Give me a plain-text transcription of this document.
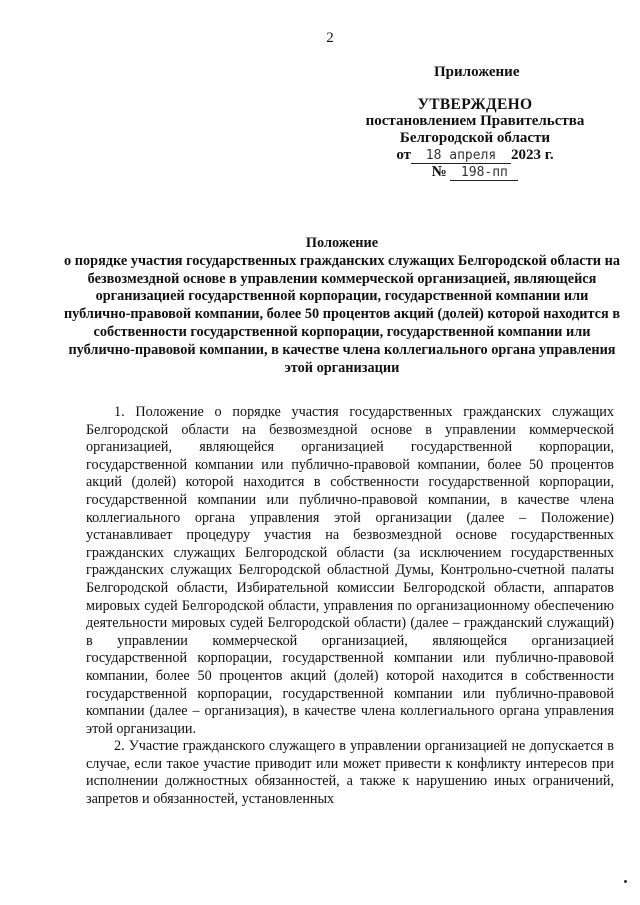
2
Приложение
УТВЕРЖДЕНО
постановлением Правительства
Белгородской области
от 18 апреля 2023 г.
№ 198-пп
Положение
о порядке участия государственных гражданских служащих Белгородской области на безвозмездной основе в управлении коммерческой организацией, являющейся организацией государственной корпорации, государственной компании или публично-правовой компании, более 50 процентов акций (долей) которой находится в собственности государственной корпорации, государственной компании или публично-правовой компании, в качестве члена коллегиального органа управления этой организации

1. Положение о порядке участия государственных гражданских служащих Белгородской области на безвозмездной основе в управлении коммерческой организацией, являющейся организацией государственной корпорации, государственной компании или публично-правовой компании, более 50 процентов акций (долей) которой находится в собственности государственной корпорации, государственной компании или публично-правовой компании, в качестве члена коллегиального органа управления этой организации (далее – Положение) устанавливает процедуру участия на безвозмездной основе государственных гражданских служащих Белгородской области (за исключением государственных гражданских служащих Белгородской областной Думы, Контрольно-счетной палаты Белгородской области, Избирательной комиссии Белгородской области, аппаратов мировых судей Белгородской области, управления по организационному обеспечению деятельности мировых судей Белгородской области) (далее – гражданский служащий) в управлении коммерческой организацией, являющейся организацией государственной корпорации, государственной компании или публично-правовой компании, более 50 процентов акций (долей) которой находится в собственности государственной корпорации, государственной компании или публично-правовой компании (далее – организация), в качестве члена коллегиального органа управления этой организации.

2. Участие гражданского служащего в управлении организацией не допускается в случае, если такое участие приводит или может привести к конфликту интересов при исполнении должностных обязанностей, а также к нарушению иных ограничений, запретов и обязанностей, установленных
